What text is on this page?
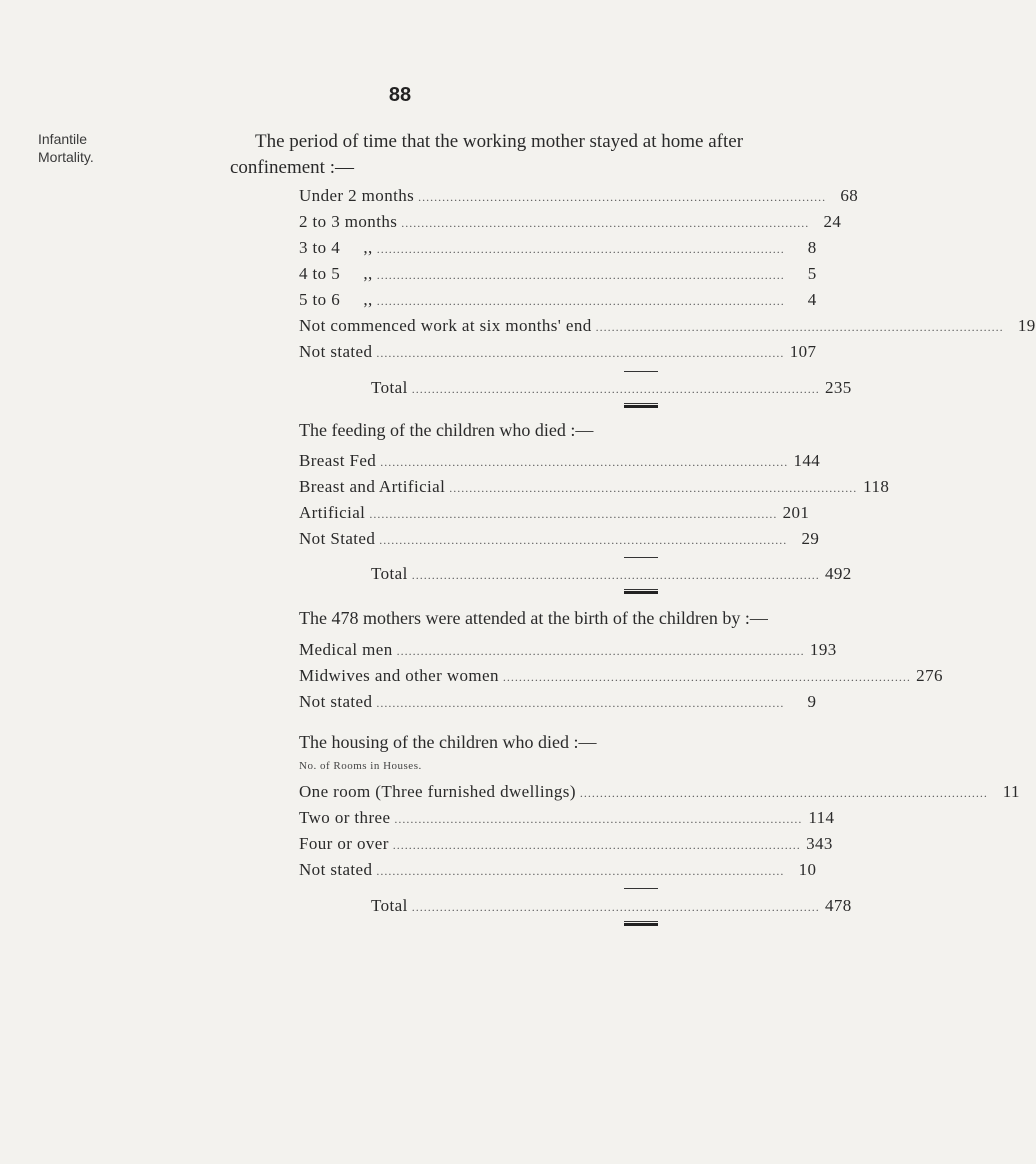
88
Infantile
Mortality.
The period of time that the working mother stayed at home after
confinement :—
Under 2 months ...................................................................................................... 68
2 to 3 months ...................................................................................................... 24
3 to 4     ,, ......................................................................................................	8
4 to 5     ,, ......................................................................................................	5
5 to 6     ,, ......................................................................................................	4
Not commenced work at six months' end ...................................................................................................... 19
Not stated ...................................................................................................... 107
Total ...................................................................................................... 235
The feeding of the children who died :—
Breast Fed ...................................................................................................... 144
Breast and Artificial ...................................................................................................... 118
Artificial ...................................................................................................... 201
Not Stated ...................................................................................................... 29
Total ...................................................................................................... 492
The 478 mothers were attended at the birth of the children by :—
Medical men ...................................................................................................... 193
Midwives and other women ...................................................................................................... 276
Not stated ......................................................................................................	9
The housing of the children who died :—
No. of Rooms in Houses.
One room (Three furnished dwellings) ...................................................................................................... 11
Two or three ...................................................................................................... 114
Four or over ...................................................................................................... 343
Not stated ...................................................................................................... 10
Total ...................................................................................................... 478
